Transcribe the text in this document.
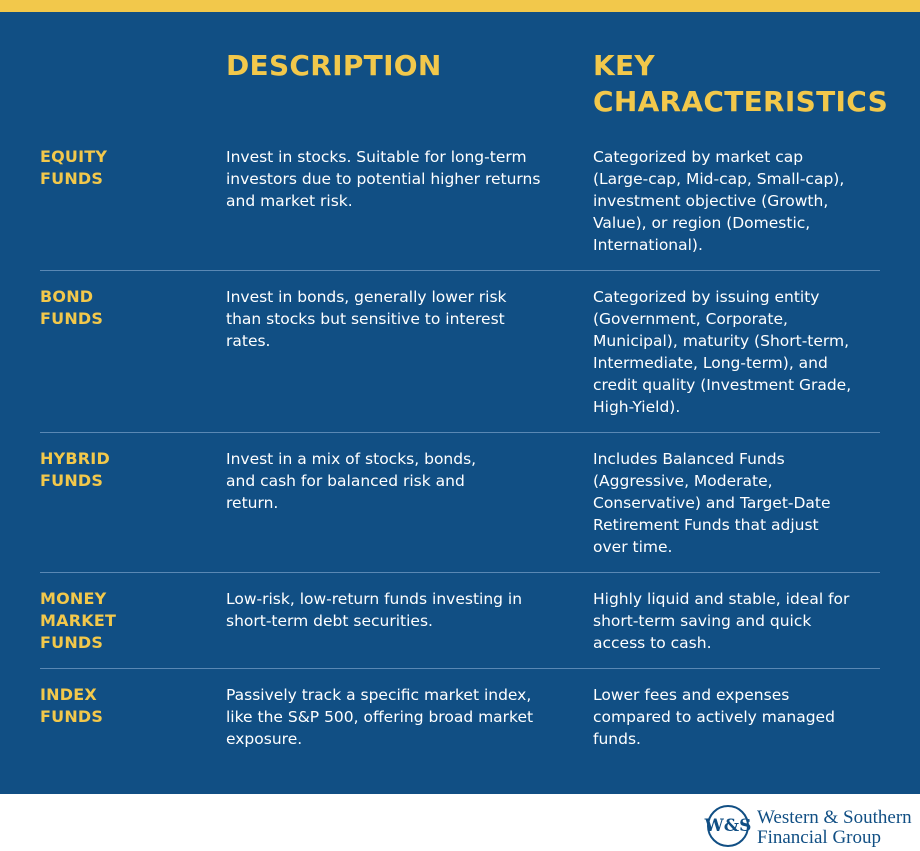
DESCRIPTION	KEY CHARACTERISTICS
EQUITY FUNDS
Invest in stocks. Suitable for long-term investors due to potential higher returns and market risk.
Categorized by market cap (Large-cap, Mid-cap, Small-cap), investment objective (Growth, Value), or region (Domestic, International).
BOND FUNDS
Invest in bonds, generally lower risk than stocks but sensitive to interest rates.
Categorized by issuing entity (Government, Corporate, Municipal), maturity (Short-term, Intermediate, Long-term), and credit quality (Investment Grade, High-Yield).
HYBRID FUNDS
Invest in a mix of stocks, bonds, and cash for balanced risk and return.
Includes Balanced Funds (Aggressive, Moderate, Conservative) and Target-Date Retirement Funds that adjust over time.
MONEY MARKET FUNDS
Low-risk, low-return funds investing in short-term debt securities.
Highly liquid and stable, ideal for short-term saving and quick access to cash.
INDEX FUNDS
Passively track a specific market index, like the S&P 500, offering broad market exposure.
Lower fees and expenses compared to actively managed funds.
W&S Western & Southern
Financial Group
